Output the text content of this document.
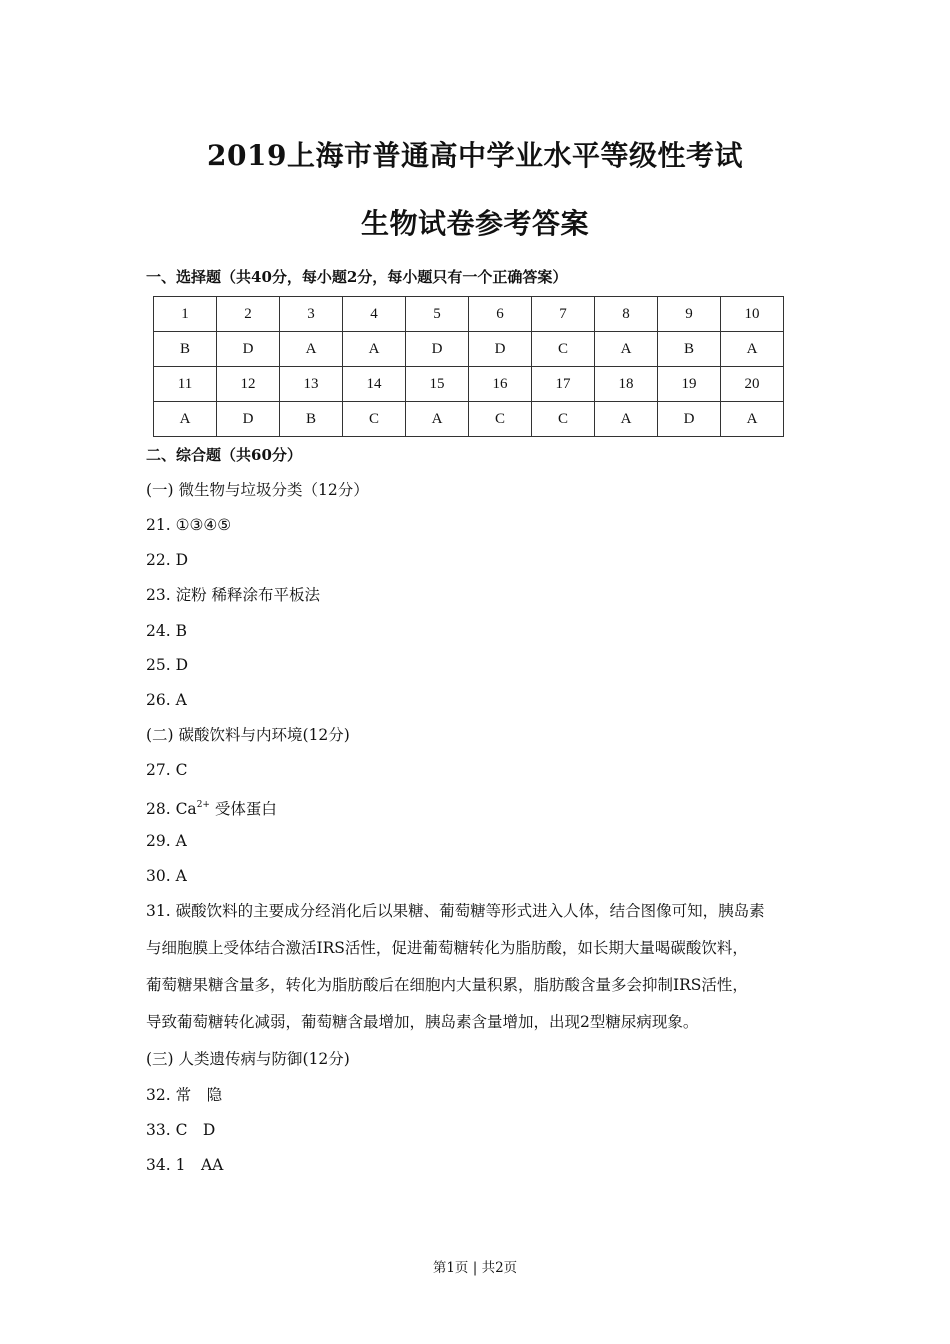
2019上海市普通高中学业水平等级性考试
生物试卷参考答案
一、选择题（共40分，每小题2分，每小题只有一个正确答案）
1	2	3	4	5	6	7	8	9	10
B	D	A	A	D	D	C	A	B	A
11	12	13	14	15	16	17	18	19	20
A	D	B	C	A	C	C	A	D	A
二、综合题（共60分）
(一) 微生物与垃圾分类（12分）
21. ①③④⑤
22. D
23. 淀粉 稀释涂布平板法
24. B
25. D
26. A
(二) 碳酸饮料与内环境(12分)
27. C
28. $Ca^{2+}$ 受体蛋白
29. A
30. A
31. 碳酸饮料的主要成分经消化后以果糖、葡萄糖等形式进入人体，结合图像可知，胰岛素
与细胞膜上受体结合激活IRS活性，促进葡萄糖转化为脂肪酸，如长期大量喝碳酸饮料，
葡萄糖果糖含量多，转化为脂肪酸后在细胞内大量积累，脂肪酸含量多会抑制IRS活性，
导致葡萄糖转化减弱，葡萄糖含最增加，胰岛素含量增加，出现2型糖尿病现象。
(三) 人类遗传病与防御(12分)
32. 常　隐
33. C　D
34. 1　AA
第1页 | 共2页
